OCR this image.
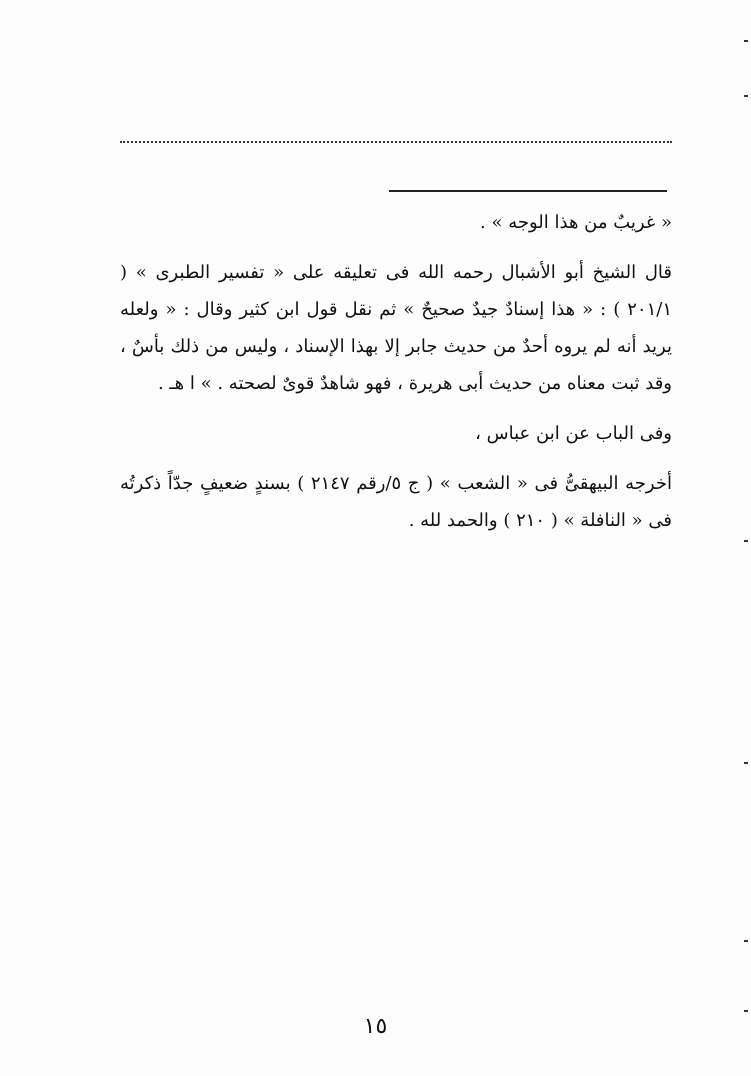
« غريبٌ من هذا الوجه » .

قال الشيخ أبو الأشبال رحمه الله فى تعليقه على « تفسير الطبرى » ( ٢٠١/١ ) : « هذا إسنادٌ جيدٌ صحيحٌ » ثم نقل قول ابن كثير وقال : « ولعله يريد أنه لم يروه أحدٌ من حديث جابر إلا بهذا الإسناد ، وليس من ذلك بأسٌ ، وقد ثبت معناه من حديث أبى هريرة ، فهو شاهدٌ قوىٌ لصحته . » ا هـ .

وفى الباب عن ابن عباس ،

أخرجه البيهقىُّ فى « الشعب » ( ج ٥/رقم ٢١٤٧ ) بسندٍ ضعيفٍ جدّاً ذكرتُه فى « النافلة » ( ٢١٠ ) والحمد لله .

١٥
